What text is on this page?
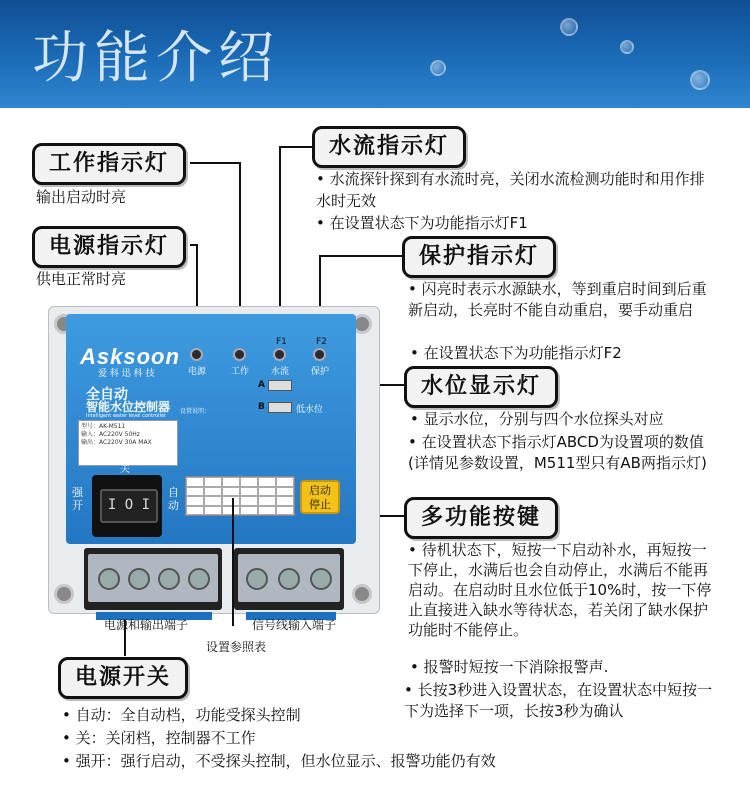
功能介绍
工作指示灯
输出启动时亮
电源指示灯
供电正常时亮
水流指示灯
• 水流探针探到有水流时亮，关闭水流检测功能时和用作排水时无效
• 在设置状态下为功能指示灯F1
保护指示灯
• 闪亮时表示水源缺水，等到重启时间到后重新启动，长亮时不能自动重启，要手动重启
• 在设置状态下为功能指示灯F2
水位显示灯
• 显示水位，分别与四个水位探头对应
• 在设置状态下指示灯ABCD为设置项的数值(详情见参数设置，M511型只有AB两指示灯)
多功能按键
• 待机状态下，短按一下启动补水，再短按一下停止，水满后也会自动停止，水满后不能再启动。在启动时且水位低于10%时，按一下停止直接进入缺水等待状态，若关闭了缺水保护功能时不能停止。
• 报警时短按一下消除报警声.
• 长按3秒进入设置状态，在设置状态中短按一下为选择下一项，长按3秒为确认
电源开关
• 自动：全自动档，功能受探头控制
• 关：关闭档，控制器不工作
• 强开：强行启动，不受探头控制，但水位显示、报警功能仍有效
Asksoon
爱 科 迅 科 技	电源	工作 水流 保护
F1	F2
A
B	低水位
全自动
智能水位控制器
Intelligent water level controller
型号：AK-M511
输入：AC220V 50Hz
输出：AC220V 30A MAX
设置说明：
关
强
开
自
动
I O I
启动
停止
电源和输出端子	信号线输入端子
设置参照表
